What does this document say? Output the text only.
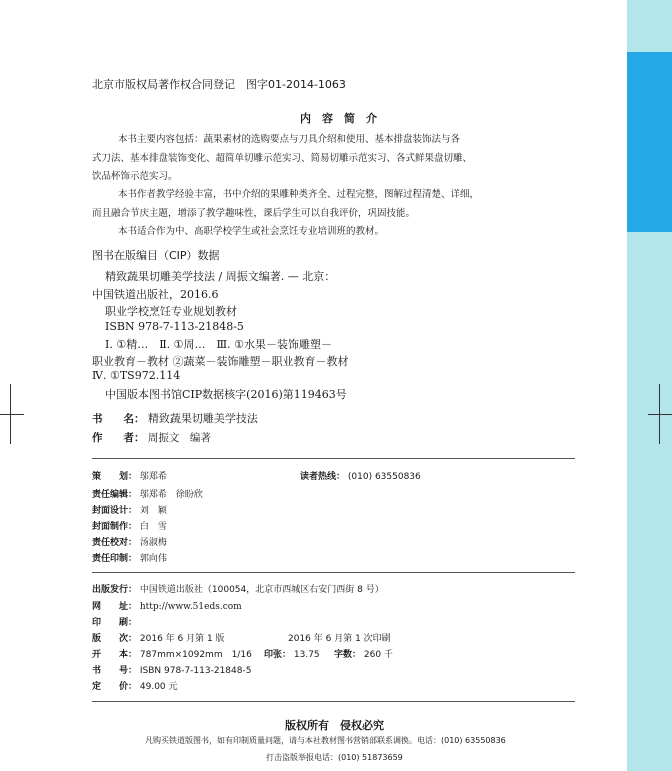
北京市版权局著作权合同登记　图字01-2014-1063
内　容　简　介
本书主要内容包括：蔬果素材的选购要点与刀具介绍和使用、基本排盘装饰法与各
式刀法、基本排盘装饰变化、超简单切雕示范实习、简易切雕示范实习、各式鲜果盘切雕、
饮品杯饰示范实习。
本书作者教学经验丰富，书中介绍的果雕种类齐全、过程完整，图解过程清楚、详细，
而且融合节庆主题，增添了教学趣味性，课后学生可以自我评价，巩固技能。
本书适合作为中、高职学校学生或社会烹饪专业培训班的教材。
图书在版编目（CIP）数据
精致蔬果切雕美学技法 / 周振文编著. — 北京：
中国铁道出版社，2016.6
职业学校烹饪专业规划教材
ISBN 978-7-113-21848-5
Ⅰ. ①精…　Ⅱ. ①周…　Ⅲ. ①水果－装饰雕塑－
职业教育－教材 ②蔬菜－装饰雕塑－职业教育－教材
Ⅳ. ①TS972.114
中国版本图书馆CIP数据核字(2016)第119463号
书　　名： 精致蔬果切雕美学技法
作　　者： 周振文　编著
策　　划： 邬郑希	读者热线： (010) 63550836
责任编辑： 邬郑希　徐盼欣
封面设计： 刘　颖
封面制作： 白　雪
责任校对： 汤淑梅
责任印制： 郭向伟
出版发行： 中国铁道出版社（100054，北京市西城区右安门西街 8 号）
网　　址： http://www.51eds.com
印　　刷：
版　　次： 2016 年 6 月第 1 版	2016 年 6 月第 1 次印刷
开　　本： 787mm×1092mm　1/16 印张： 13.75 字数： 260 千
书　　号： ISBN 978-7-113-21848-5
定　　价： 49.00 元
版权所有　侵权必究
凡购买铁道版图书，如有印制质量问题，请与本社教材图书营销部联系调换。电话：(010) 63550836
打击盗版举报电话：(010) 51873659
